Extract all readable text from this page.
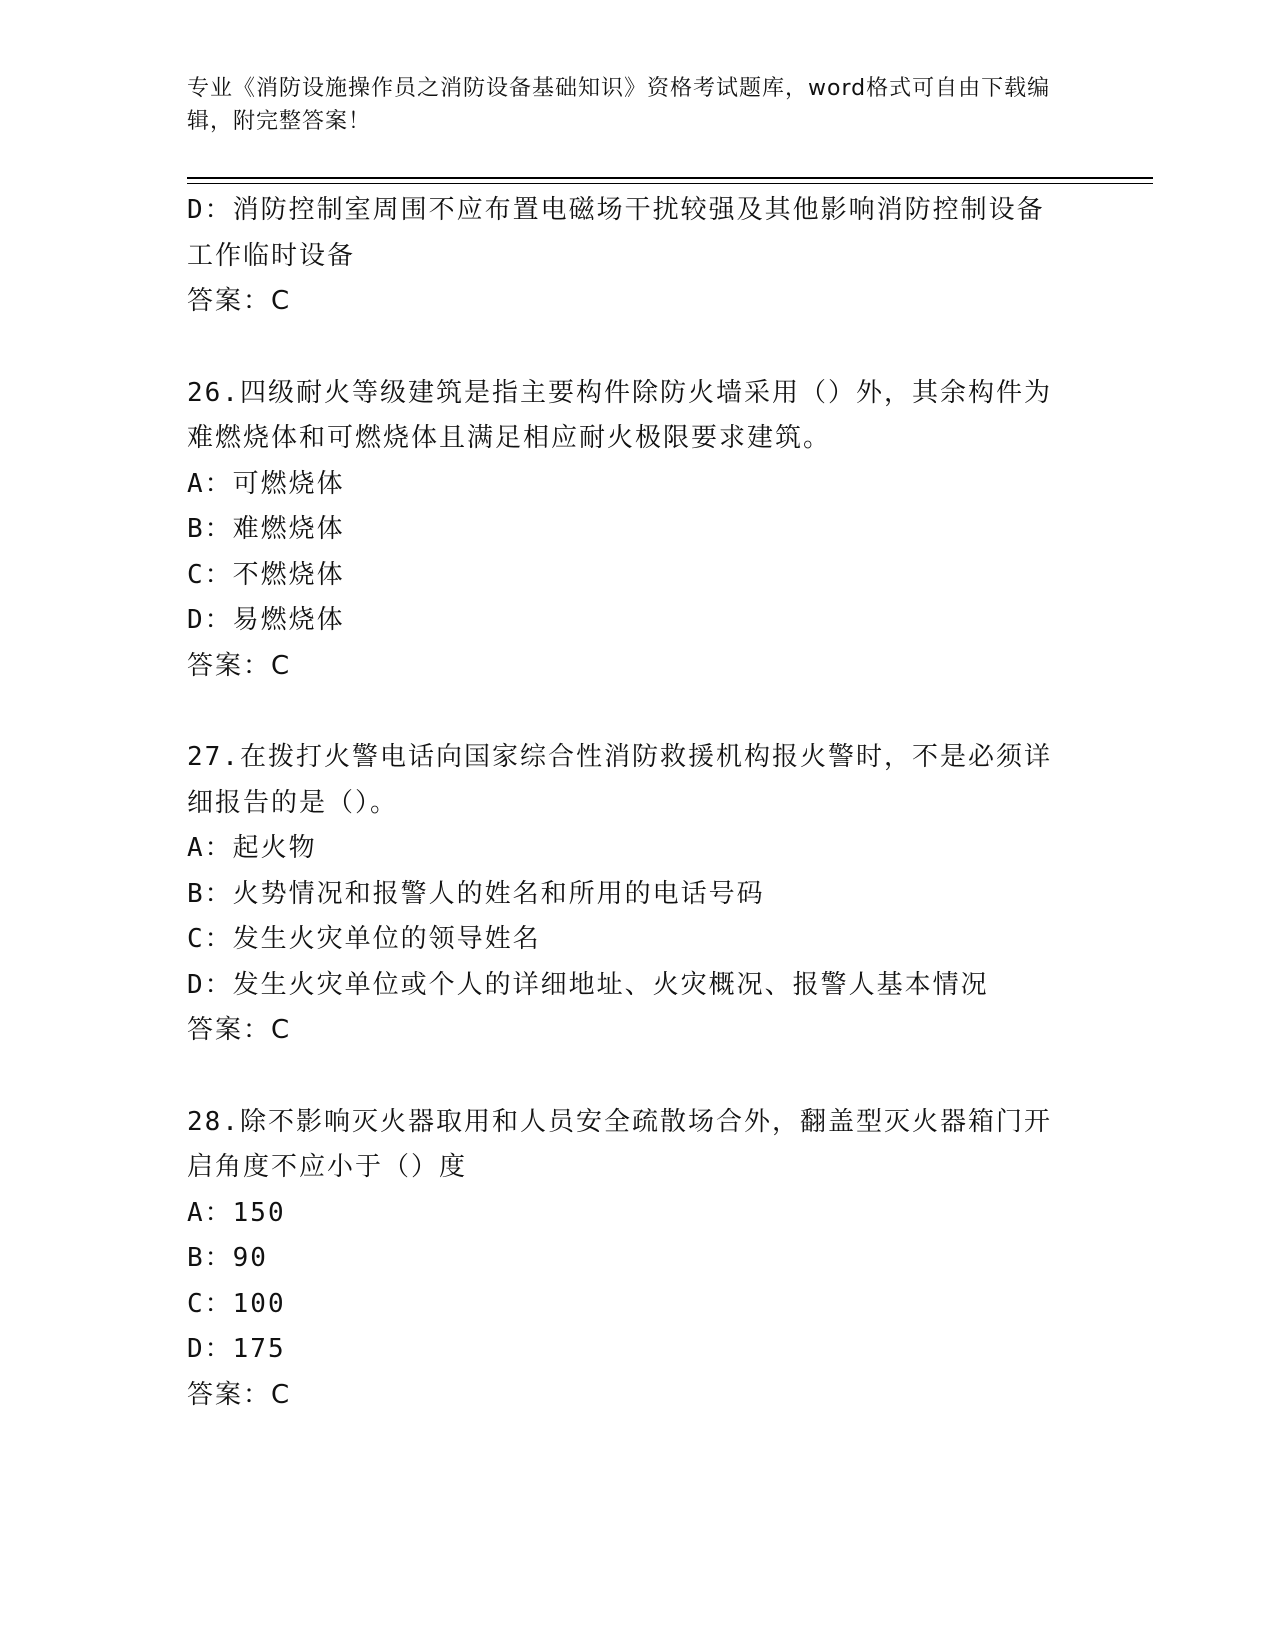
专业《消防设施操作员之消防设备基础知识》资格考试题库，word格式可自由下载编辑，附完整答案！
D：消防控制室周围不应布置电磁场干扰较强及其他影响消防控制设备
工作临时设备
答案：C
26.四级耐火等级建筑是指主要构件除防火墙采用（）外，其余构件为
难燃烧体和可燃烧体且满足相应耐火极限要求建筑。
A：可燃烧体
B：难燃烧体
C：不燃烧体
D：易燃烧体
答案：C
27.在拨打火警电话向国家综合性消防救援机构报火警时，不是必须详
细报告的是（）。
A：起火物
B：火势情况和报警人的姓名和所用的电话号码
C：发生火灾单位的领导姓名
D：发生火灾单位或个人的详细地址、火灾概况、报警人基本情况
答案：C
28.除不影响灭火器取用和人员安全疏散场合外，翻盖型灭火器箱门开
启角度不应小于（）度
A：150
B：90
C：100
D：175
答案：C
